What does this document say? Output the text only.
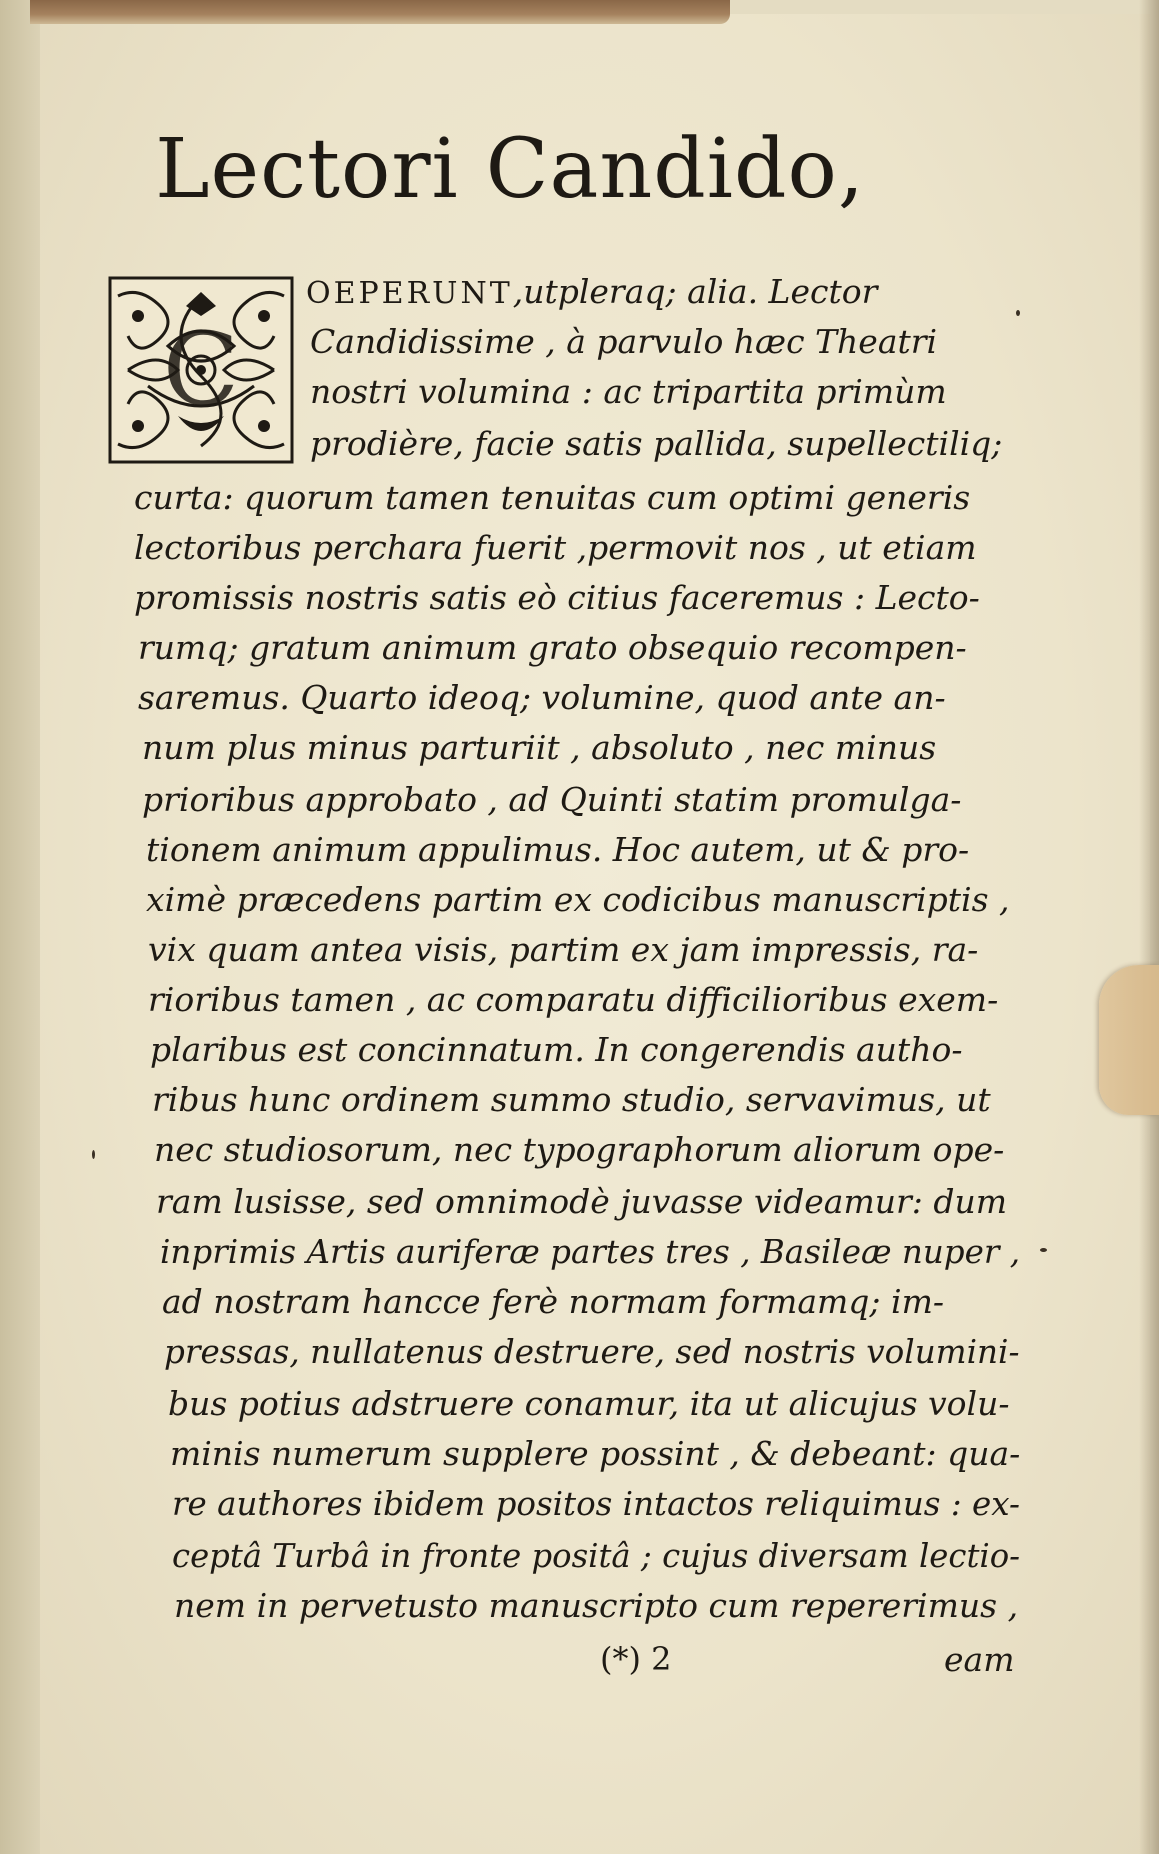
Lectori Candido,
C
OEPERUNT,utpleraq; alia. Lector
Candidissime , à parvulo hæc Theatri
nostri volumina : ac tripartita primùm
prodière, facie satis pallida, supellectiliq;
curta: quorum tamen tenuitas cum optimi generis
lectoribus perchara fuerit ,permovit nos , ut etiam
promissis nostris satis eò citius faceremus : Lecto-
rumq; gratum animum grato obsequio recompen-
saremus. Quarto ideoq; volumine, quod ante an-
num plus minus parturiit , absoluto , nec minus
prioribus approbato , ad Quinti statim promulga-
tionem animum appulimus. Hoc autem, ut & pro-
ximè præcedens partim ex codicibus manuscriptis ,
vix quam antea visis, partim ex jam impressis, ra-
rioribus tamen , ac comparatu difficilioribus exem-
plaribus est concinnatum. In congerendis autho-
ribus hunc ordinem summo studio, servavimus, ut
nec studiosorum, nec typographorum aliorum ope-
ram lusisse, sed omnimodè juvasse videamur: dum
inprimis Artis auriferæ partes tres , Basileæ nuper ,
ad nostram hancce ferè normam formamq; im-
pressas, nullatenus destruere, sed nostris volumini-
bus potius adstruere conamur, ita ut alicujus volu-
minis numerum supplere possint , & debeant: qua-
re authores ibidem positos intactos reliquimus : ex-
ceptâ Turbâ in fronte positâ ; cujus diversam lectio-
nem in pervetusto manuscripto cum repererimus ,
(*) 2	eam
